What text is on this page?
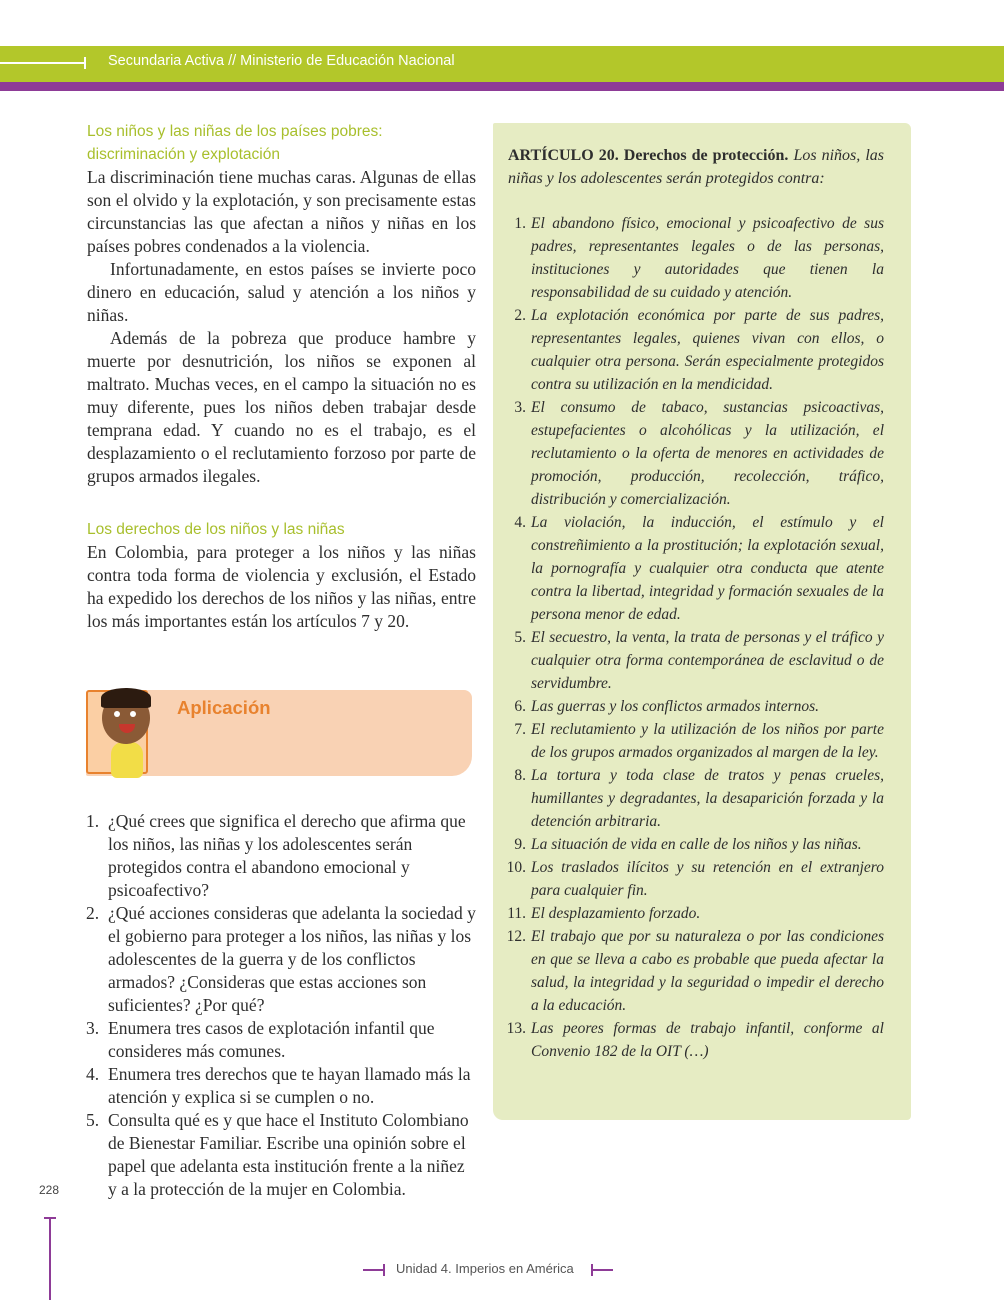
Secundaria Activa // Ministerio de Educación Nacional

Los niños y las niñas de los países pobres:
discriminación y explotación

La discriminación tiene muchas caras. Algunas de ellas son el olvido y la explotación, y son precisamente estas circunstancias las que afectan a niños y niñas en los países pobres condenados a la violencia.

Infortunadamente, en estos países se invierte poco dinero en educación, salud y atención a los niños y niñas.

Además de la pobreza que produce hambre y muerte por desnutrición, los niños se exponen al maltrato. Muchas veces, en el campo la situación no es muy diferente, pues los niños deben trabajar desde temprana edad. Y cuando no es el trabajo, es el desplazamiento o el reclutamiento forzoso por parte de grupos armados ilegales.

Los derechos de los niños y las niñas

En Colombia, para proteger a los niños y las niñas contra toda forma de violencia y exclusión, el Estado ha expedido los derechos de los niños y las niñas, entre los más importantes están los artículos 7 y 20.

Aplicación
1. ¿Qué crees que significa el derecho que afirma que los niños, las niñas y los adolescentes serán protegidos contra el abandono emocional y psicoafectivo?
2. ¿Qué acciones consideras que adelanta la sociedad y el gobierno para proteger a los niños, las niñas y los adolescentes de la guerra y de los conflictos armados? ¿Consideras que estas acciones son suficientes? ¿Por qué?
3. Enumera tres casos de explotación infantil que consideres más comunes.
4. Enumera tres derechos que te hayan llamado más la atención y explica si se cumplen o no.
5. Consulta qué es y que hace el Instituto Colombiano de Bienestar Familiar. Escribe una opinión sobre el papel que adelanta esta institución frente a la niñez y a la protección de la mujer en Colombia.

ARTÍCULO 20. Derechos de protección. Los niños, las niñas y los adolescentes serán protegidos contra:

1. El abandono físico, emocional y psicoafectivo de sus padres, representantes legales o de las personas, instituciones y autoridades que tienen la responsabilidad de su cuidado y atención.
2. La explotación económica por parte de sus padres, representantes legales, quienes vivan con ellos, o cualquier otra persona. Serán especialmente protegidos contra su utilización en la mendicidad.
3. El consumo de tabaco, sustancias psicoactivas, estupefacientes o alcohólicas y la utilización, el reclutamiento o la oferta de menores en actividades de promoción, producción, recolección, tráfico, distribución y comercialización.
4. La violación, la inducción, el estímulo y el constreñimiento a la prostitución; la explotación sexual, la pornografía y cualquier otra conducta que atente contra la libertad, integridad y formación sexuales de la persona menor de edad.
5. El secuestro, la venta, la trata de personas y el tráfico y cualquier otra forma contemporánea de esclavitud o de servidumbre.
6. Las guerras y los conflictos armados internos.
7. El reclutamiento y la utilización de los niños por parte de los grupos armados organizados al margen de la ley.
8. La tortura y toda clase de tratos y penas crueles, humillantes y degradantes, la desaparición forzada y la detención arbitraria.
9. La situación de vida en calle de los niños y las niñas.
10. Los traslados ilícitos y su retención en el extranjero para cualquier fin.
11. El desplazamiento forzado.
12. El trabajo que por su naturaleza o por las condiciones en que se lleva a cabo es probable que pueda afectar la salud, la integridad y la seguridad o impedir el derecho a la educación.
13. Las peores formas de trabajo infantil, conforme al Convenio 182 de la OIT (…)
228
Unidad 4. Imperios en América
